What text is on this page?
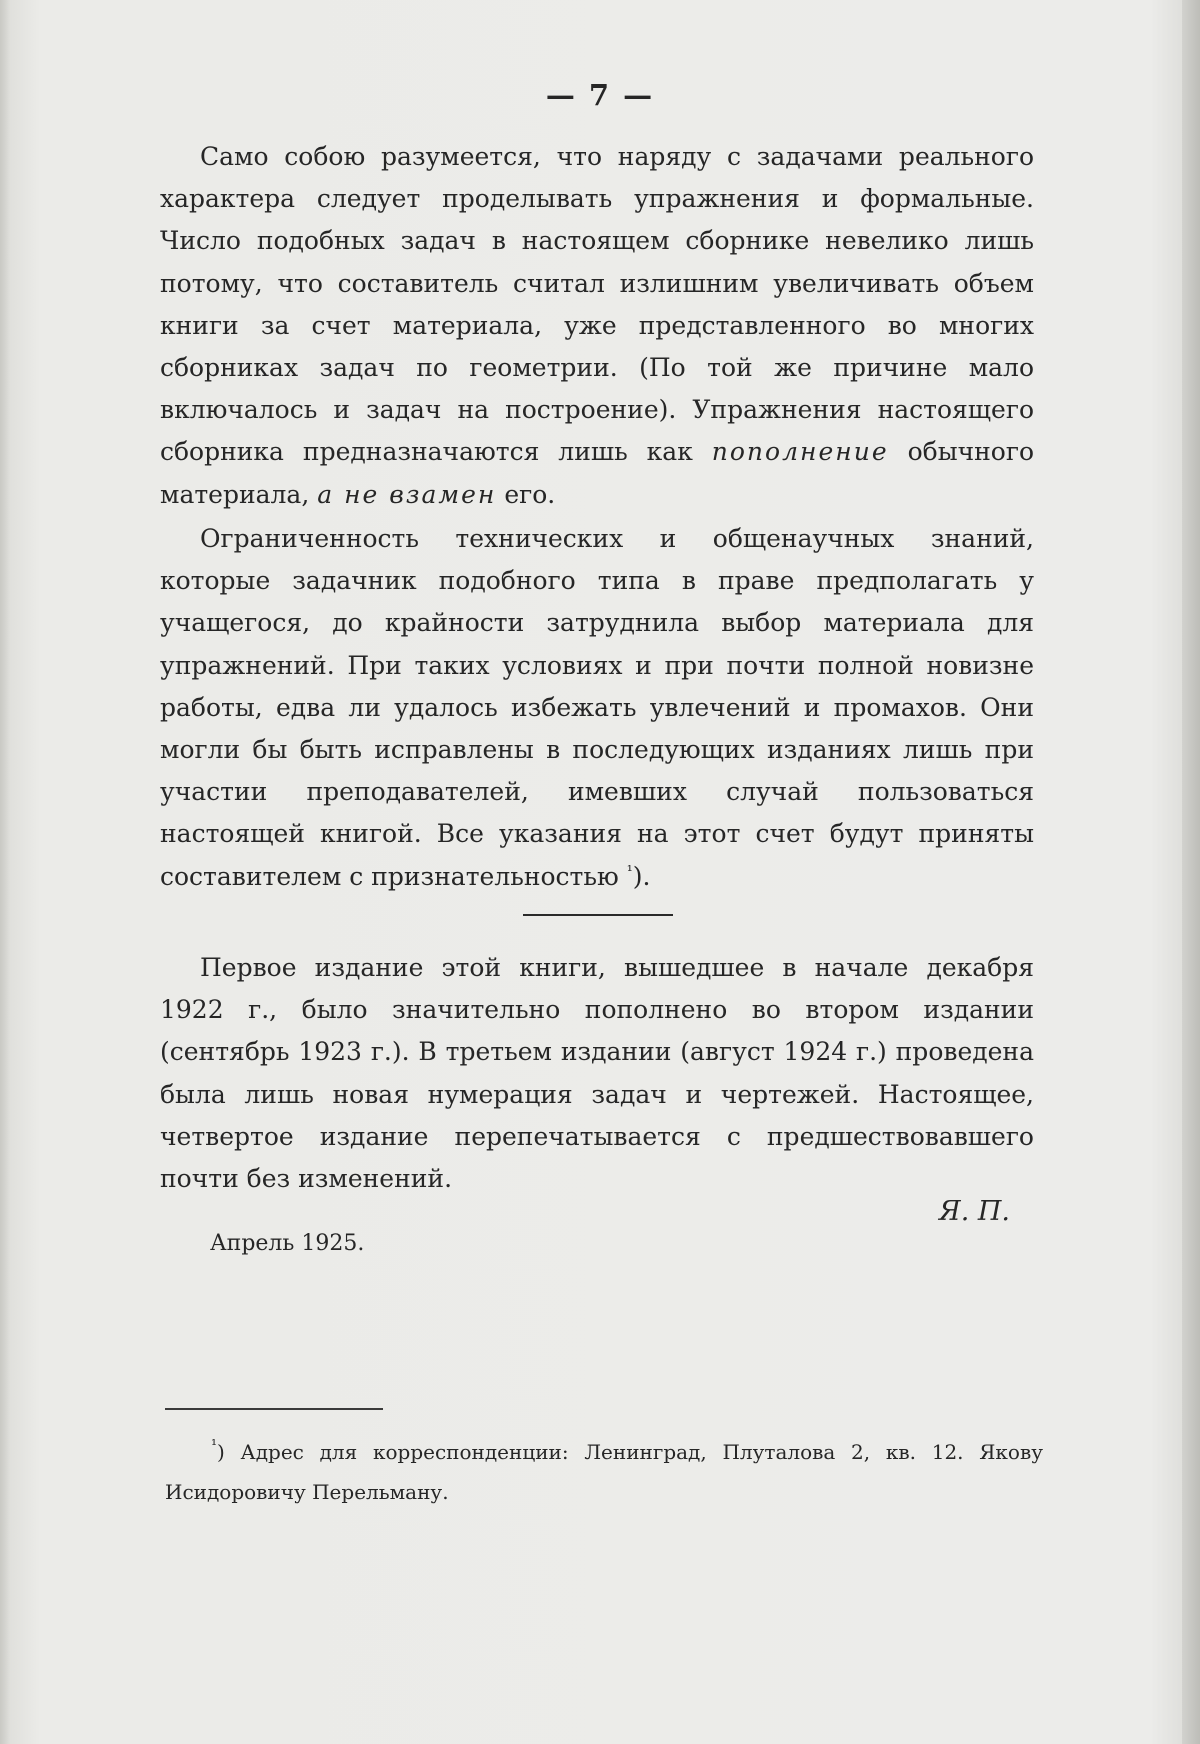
— 7 —

Само собою разумеется, что наряду с задачами реального характера следует проделывать упражнения и формальные. Число подобных задач в настоящем сборнике невелико лишь потому, что составитель считал излишним увеличивать объем книги за счет материала, уже представленного во многих сборниках задач по геометрии. (По той же причине мало включалось и задач на построение). Упражнения настоящего сборника предназначаются лишь как пополнение обычного материала, а не взамен его.

Ограниченность технических и общенаучных знаний, которые задачник подобного типа в праве предполагать у учащегося, до крайности затруднила выбор материала для упражнений. При таких условиях и при почти полной новизне работы, едва ли удалось избежать увлечений и промахов. Они могли бы быть исправлены в последующих изданиях лишь при участии преподавателей, имевших случай пользоваться настоящей книгой. Все указания на этот счет будут приняты составителем с признательностью $^{^1}$).

Первое издание этой книги, вышедшее в начале декабря 1922 г., было значительно пополнено во втором издании (сентябрь 1923 г.). В третьем издании (август 1924 г.) проведена была лишь новая нумерация задач и чертежей. Настоящее, четвертое издание перепечатывается с предшествовавшего почти без изменений.

Я. П.
Апрель 1925.

$^{^1}$) Адрес для корреспонденции: Ленинград, Плуталова 2, кв. 12. Якову Исидоровичу Перельману.
